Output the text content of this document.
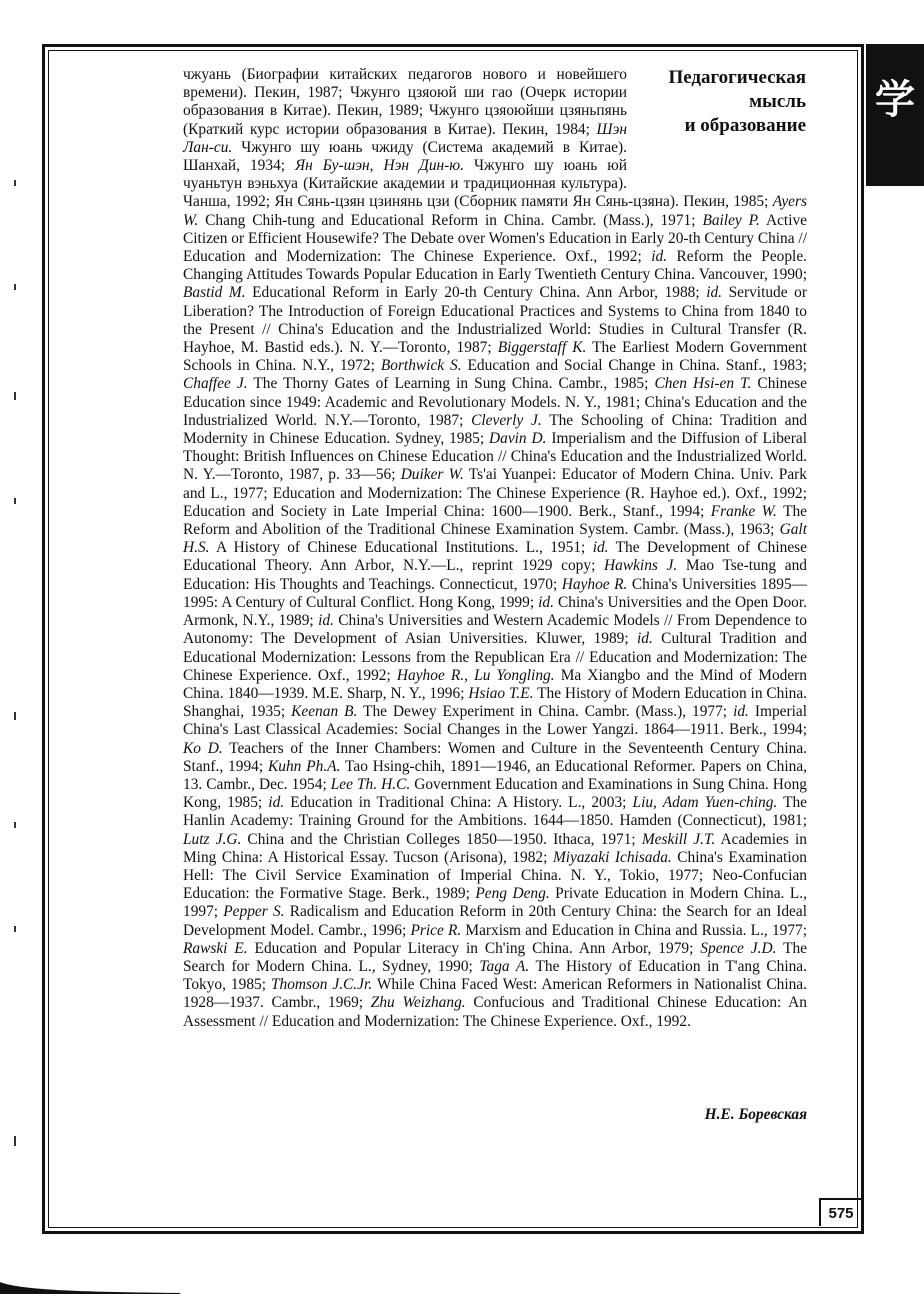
学
Педагогическая
мысль
и образование
чжуань (Биографии китайских педагогов нового и новейшего времени). Пекин, 1987; Чжунго цзяоюй ши гао (Очерк истории образования в Китае). Пекин, 1989; Чжунго цзяоюйши цзяньпянь (Краткий курс истории образования в Китае). Пекин, 1984; Шэн Лан-си. Чжунго шу юань чжиду (Система академий в Китае). Шанхай, 1934; Ян Бу-шэн, Нэн Дин-ю. Чжунго шу юань юй чуаньтун вэньхуа (Китайские академии и традиционная культура). Чанша, 1992; Ян Сянь-цзян цзинянь цзи (Сборник памяти Ян Сянь-цзяна). Пекин, 1985; Ayers W. Chang Chih-tung and Educational Reform in China. Cambr. (Mass.), 1971; Bailey P. Active Citizen or Efficient Housewife? The Debate over Women's Education in Early 20-th Century China // Education and Modernization: The Chinese Experience. Oxf., 1992; id. Reform the People. Changing Attitudes Towards Popular Education in Early Twentieth Century China. Vancouver, 1990; Bastid M. Educational Reform in Early 20-th Century China. Ann Arbor, 1988; id. Servitude or Liberation? The Introduction of Foreign Educational Practices and Systems to China from 1840 to the Present // China's Education and the Industrialized World: Studies in Cultural Transfer (R. Hayhoe, M. Bastid eds.). N. Y.—Toronto, 1987; Biggerstaff K. The Earliest Modern Government Schools in China. N.Y., 1972; Borthwick S. Education and Social Change in China. Stanf., 1983; Chaffee J. The Thorny Gates of Learning in Sung China. Cambr., 1985; Chen Hsi-en T. Chinese Education since 1949: Academic and Revolutionary Models. N. Y., 1981; China's Education and the Industrialized World. N.Y.—Toronto, 1987; Cleverly J. The Schooling of China: Tradition and Modernity in Chinese Education. Sydney, 1985; Davin D. Imperialism and the Diffusion of Liberal Thought: British Influences on Chinese Education // China's Education and the Industrialized World. N. Y.—Toronto, 1987, p. 33—56; Duiker W. Ts'ai Yuanpei: Educator of Modern China. Univ. Park and L., 1977; Education and Modernization: The Chinese Experience (R. Hayhoe ed.). Oxf., 1992; Education and Society in Late Imperial China: 1600—1900. Berk., Stanf., 1994; Franke W. The Reform and Abolition of the Traditional Chinese Examination System. Cambr. (Mass.), 1963; Galt H.S. A History of Chinese Educational Institutions. L., 1951; id. The Development of Chinese Educational Theory. Ann Arbor, N.Y.—L., reprint 1929 copy; Hawkins J. Mao Tse-tung and Education: His Thoughts and Teachings. Connecticut, 1970; Hayhoe R. China's Universities 1895—1995: A Century of Cultural Conflict. Hong Kong, 1999; id. China's Universities and the Open Door. Armonk, N.Y., 1989; id. China's Universities and Western Academic Models // From Dependence to Autonomy: The Development of Asian Universities. Kluwer, 1989; id. Cultural Tradition and Educational Modernization: Lessons from the Republican Era // Education and Modernization: The Chinese Experience. Oxf., 1992; Hayhoe R., Lu Yongling. Ma Xiangbo and the Mind of Modern China. 1840—1939. M.E. Sharp, N. Y., 1996; Hsiao T.E. The History of Modern Education in China. Shanghai, 1935; Keenan B. The Dewey Experiment in China. Cambr. (Mass.), 1977; id. Imperial China's Last Classical Academies: Social Changes in the Lower Yangzi. 1864—1911. Berk., 1994; Ko D. Teachers of the Inner Chambers: Women and Culture in the Seventeenth Century China. Stanf., 1994; Kuhn Ph.A. Tao Hsing-chih, 1891—1946, an Educational Reformer. Papers on China, 13. Cambr., Dec. 1954; Lee Th. H.C. Government Education and Examinations in Sung China. Hong Kong, 1985; id. Education in Traditional China: A History. L., 2003; Liu, Adam Yuen-ching. The Hanlin Academy: Training Ground for the Ambitions. 1644—1850. Hamden (Connecticut), 1981; Lutz J.G. China and the Christian Colleges 1850—1950. Ithaca, 1971; Meskill J.T. Academies in Ming China: A Historical Essay. Tucson (Arisona), 1982; Miyazaki Ichisada. China's Examination Hell: The Civil Service Examination of Imperial China. N. Y., Tokio, 1977; Neo-Confucian Education: the Formative Stage. Berk., 1989; Peng Deng. Private Education in Modern China. L., 1997; Pepper S. Radicalism and Education Reform in 20th Century China: the Search for an Ideal Development Model. Cambr., 1996; Price R. Marxism and Education in China and Russia. L., 1977; Rawski E. Education and Popular Literacy in Ch'ing China. Ann Arbor, 1979; Spence J.D. The Search for Modern China. L., Sydney, 1990; Taga A. The History of Education in T'ang China. Tokyo, 1985; Thomson J.C.Jr. While China Faced West: American Reformers in Nationalist China. 1928—1937. Cambr., 1969; Zhu Weizhang. Confucious and Traditional Chinese Education: An Assessment // Education and Modernization: The Chinese Experience. Oxf., 1992.
Н.Е. Боревская
575
